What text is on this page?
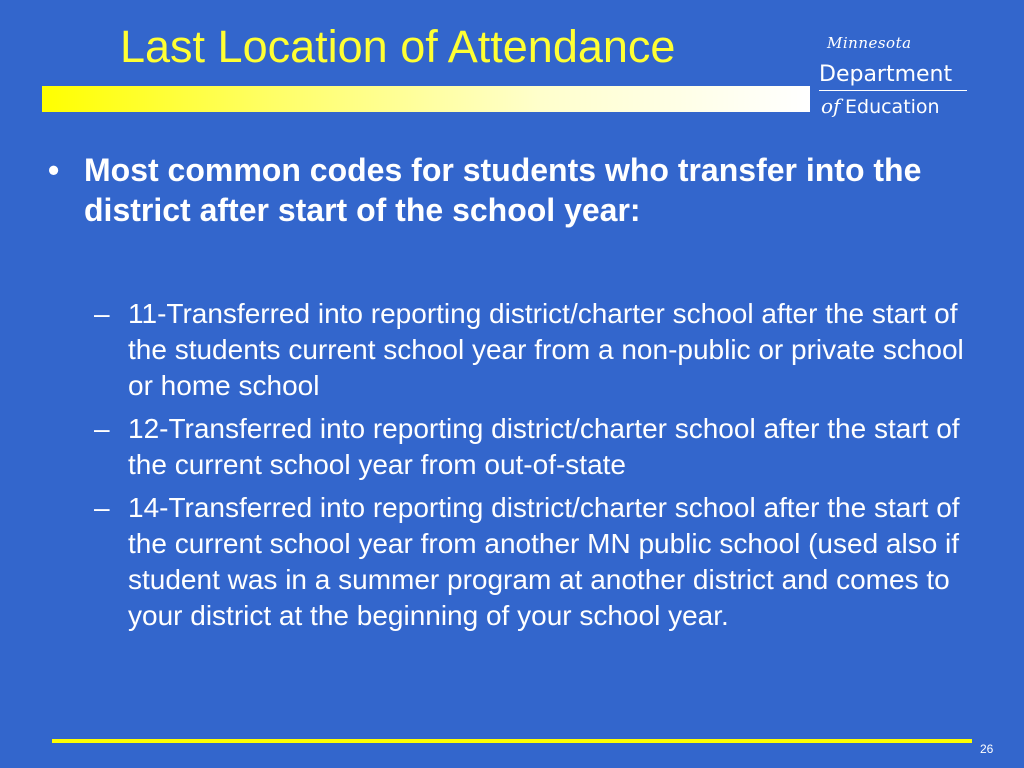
Last Location of Attendance	Minnesota
Department
of Education
• Most common codes for students who transfer into the district after start of the school year:
– 11-Transferred into reporting district/charter school after the start of the students current school year from a non-public or private school or home school
– 12-Transferred into reporting district/charter school after the start of the current school year from out-of-state
– 14-Transferred into reporting district/charter school after the start of the current school year from another MN public school (used also if student was in a summer program at another district and comes to your district at the beginning of your school year.
26
